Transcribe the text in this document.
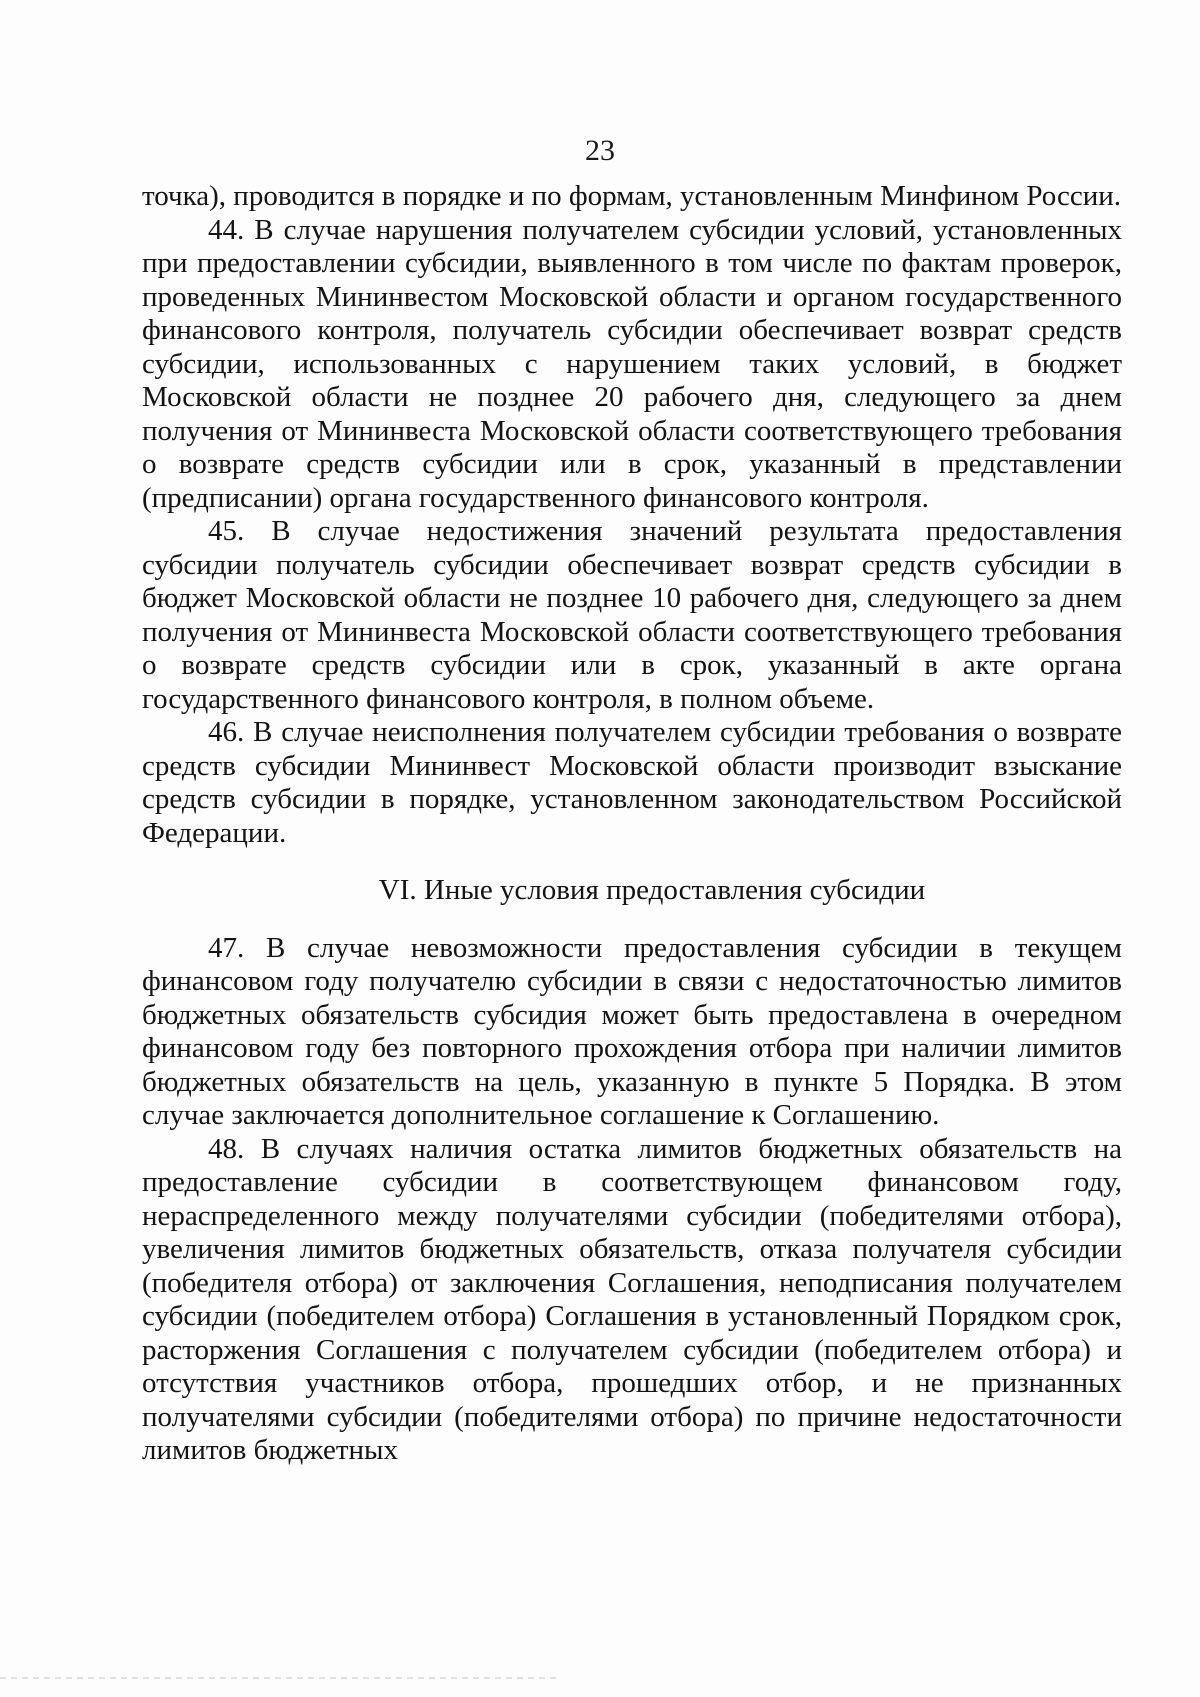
23

точка), проводится в порядке и по формам, установленным Минфином России.

44. В случае нарушения получателем субсидии условий, установленных при предоставлении субсидии, выявленного в том числе по фактам проверок, проведенных Мининвестом Московской области и органом государственного финансового контроля, получатель субсидии обеспечивает возврат средств субсидии, использованных с нарушением таких условий, в бюджет Московской области не позднее 20 рабочего дня, следующего за днем получения от Мининвеста Московской области соответствующего требования о возврате средств субсидии или в срок, указанный в представлении (предписании) органа государственного финансового контроля.

45. В случае недостижения значений результата предоставления субсидии получатель субсидии обеспечивает возврат средств субсидии в бюджет Московской области не позднее 10 рабочего дня, следующего за днем получения от Мининвеста Московской области соответствующего требования о возврате средств субсидии или в срок, указанный в акте органа государственного финансового контроля, в полном объеме.

46. В случае неисполнения получателем субсидии требования о возврате средств субсидии Мининвест Московской области производит взыскание средств субсидии в порядке, установленном законодательством Российской Федерации.

VI. Иные условия предоставления субсидии

47. В случае невозможности предоставления субсидии в текущем финансовом году получателю субсидии в связи с недостаточностью лимитов бюджетных обязательств субсидия может быть предоставлена в очередном финансовом году без повторного прохождения отбора при наличии лимитов бюджетных обязательств на цель, указанную в пункте 5 Порядка. В этом случае заключается дополнительное соглашение к Соглашению.

48. В случаях наличия остатка лимитов бюджетных обязательств на предоставление субсидии в соответствующем финансовом году, нераспределенного между получателями субсидии (победителями отбора), увеличения лимитов бюджетных обязательств, отказа получателя субсидии (победителя отбора) от заключения Соглашения, неподписания получателем субсидии (победителем отбора) Соглашения в установленный Порядком срок, расторжения Соглашения с получателем субсидии (победителем отбора) и отсутствия участников отбора, прошедших отбор, и не признанных получателями субсидии (победителями отбора) по причине недостаточности лимитов бюджетных
